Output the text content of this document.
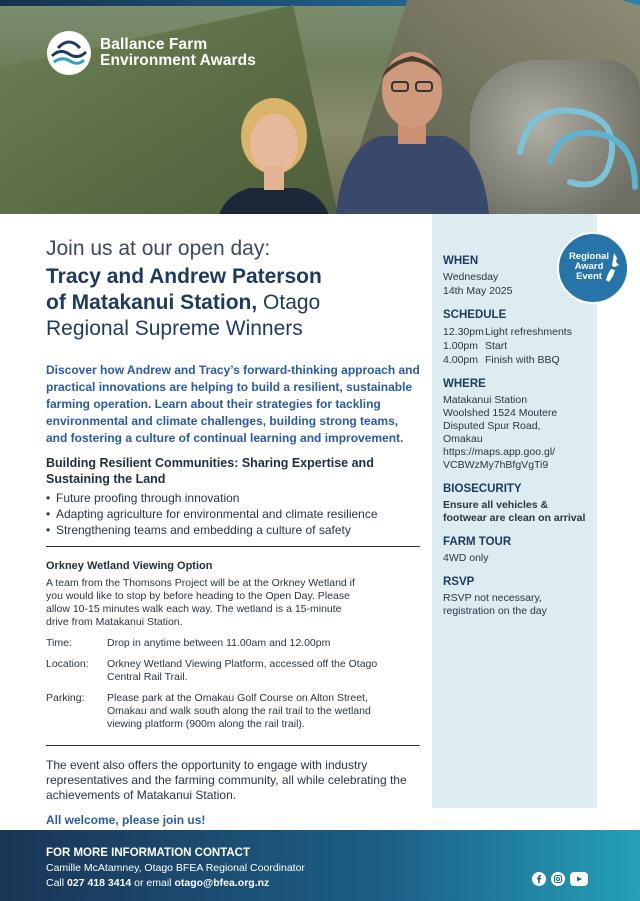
Ballance Farm
Environment Awards
Join us at our open day:
Tracy and Andrew Paterson
of Matakanui Station, Otago
Regional Supreme Winners

Discover how Andrew and Tracy’s forward-thinking approach and practical innovations are helping to build a resilient, sustainable farming operation. Learn about their strategies for tackling environmental and climate challenges, building strong teams, and fostering a culture of continual learning and improvement.

Building Resilient Communities: Sharing Expertise and Sustaining the Land
• Future proofing through innovation
• Adapting agriculture for environmental and climate resilience
• Strengthening teams and embedding a culture of safety
Orkney Wetland Viewing Option

A team from the Thomsons Project will be at the Orkney Wetland if you would like to stop by before heading to the Open Day. Please allow 10-15 minutes walk each way. The wetland is a 15-minute drive from Matakanui Station.

Time:	Drop in anytime between 11.00am and 12.00pm
Location:	Orkney Wetland Viewing Platform, accessed off the Otago Central Rail Trail.
Parking:	Please park at the Omakau Golf Course on Alton Street, Omakau and walk south along the rail trail to the wetland viewing platform (900m along the rail trail).

The event also offers the opportunity to engage with industry representatives and the farming community, all while celebrating the achievements of Matakanui Station.

All welcome, please join us!
WHEN
Wednesday
14th May 2025
SCHEDULE
12.30pm Light refreshments
1.00pm Start
4.00pm Finish with BBQ
WHERE
Matakanui Station
Woolshed 1524 Moutere
Disputed Spur Road,
Omakau
https://maps.app.goo.gl/
VCBWzMy7hBfgVgTi9
BIOSECURITY
Ensure all vehicles & footwear are clean on arrival
FARM TOUR
4WD only
RSVP
RSVP not necessary, registration on the day
Regional
Award
Event
FOR MORE INFORMATION CONTACT
Camille McAtamney, Otago BFEA Regional Coordinator
Call 027 418 3414 or email otago@bfea.org.nz
